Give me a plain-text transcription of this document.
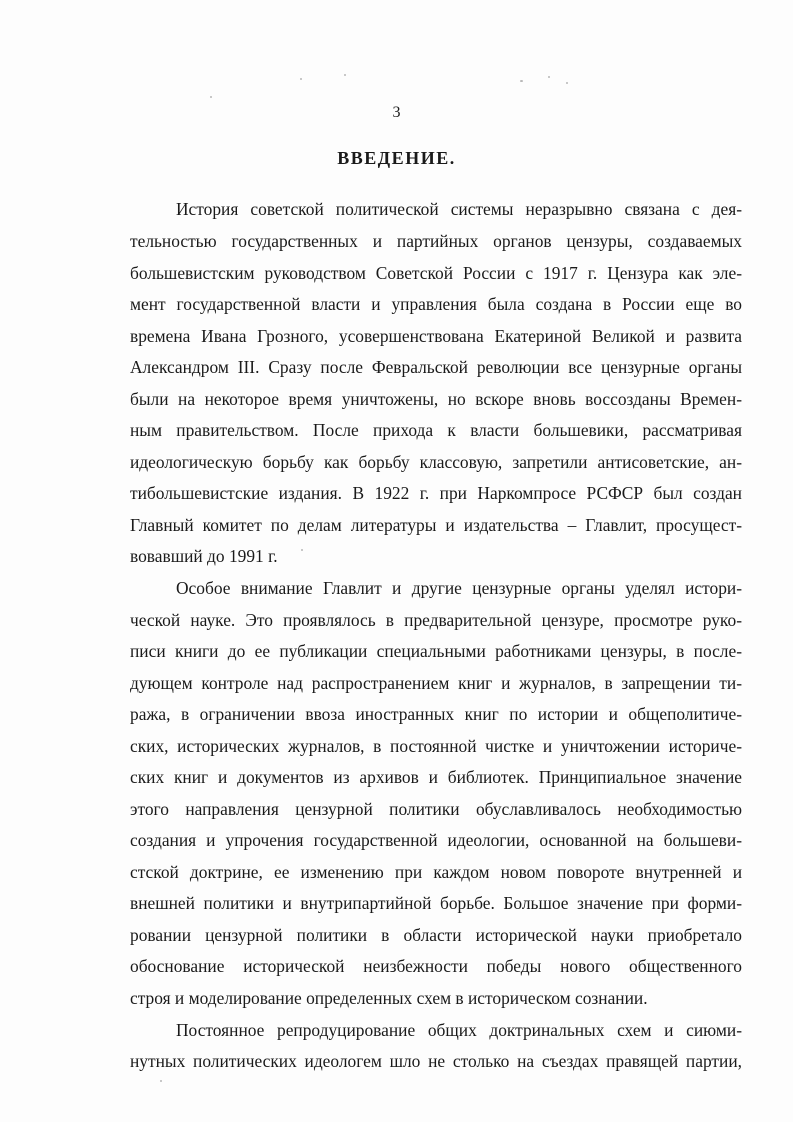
3
ВВЕДЕНИЕ.
История советской политической системы неразрывно связана с дея-
тельностью государственных и партийных органов цензуры, создаваемых
большевистским руководством Советской России с 1917 г. Цензура как эле-
мент государственной власти и управления была создана в России еще во
времена Ивана Грозного, усовершенствована Екатериной Великой и развита
Александром III. Сразу после Февральской революции все цензурные органы
были на некоторое время уничтожены, но вскоре вновь воссозданы Времен-
ным правительством. После прихода к власти большевики, рассматривая
идеологическую борьбу как борьбу классовую, запретили антисоветские, ан-
тибольшевистские издания. В 1922 г. при Наркомпросе РСФСР был создан
Главный комитет по делам литературы и издательства – Главлит, просущест-
вовавший до 1991 г.
Особое внимание Главлит и другие цензурные органы уделял истори-
ческой науке. Это проявлялось в предварительной цензуре, просмотре руко-
писи книги до ее публикации специальными работниками цензуры, в после-
дующем контроле над распространением книг и журналов, в запрещении ти-
ража, в ограничении ввоза иностранных книг по истории и общеполитиче-
ских, исторических журналов, в постоянной чистке и уничтожении историче-
ских книг и документов из архивов и библиотек. Принципиальное значение
этого направления цензурной политики обуславливалось необходимостью
создания и упрочения государственной идеологии, основанной на большеви-
стской доктрине, ее изменению при каждом новом повороте внутренней и
внешней политики и внутрипартийной борьбе. Большое значение при форми-
ровании цензурной политики в области исторической науки приобретало
обоснование исторической неизбежности победы нового общественного
строя и моделирование определенных схем в историческом сознании.
Постоянное репродуцирование общих доктринальных схем и сиюми-
нутных политических идеологем шло не столько на съездах правящей партии,
